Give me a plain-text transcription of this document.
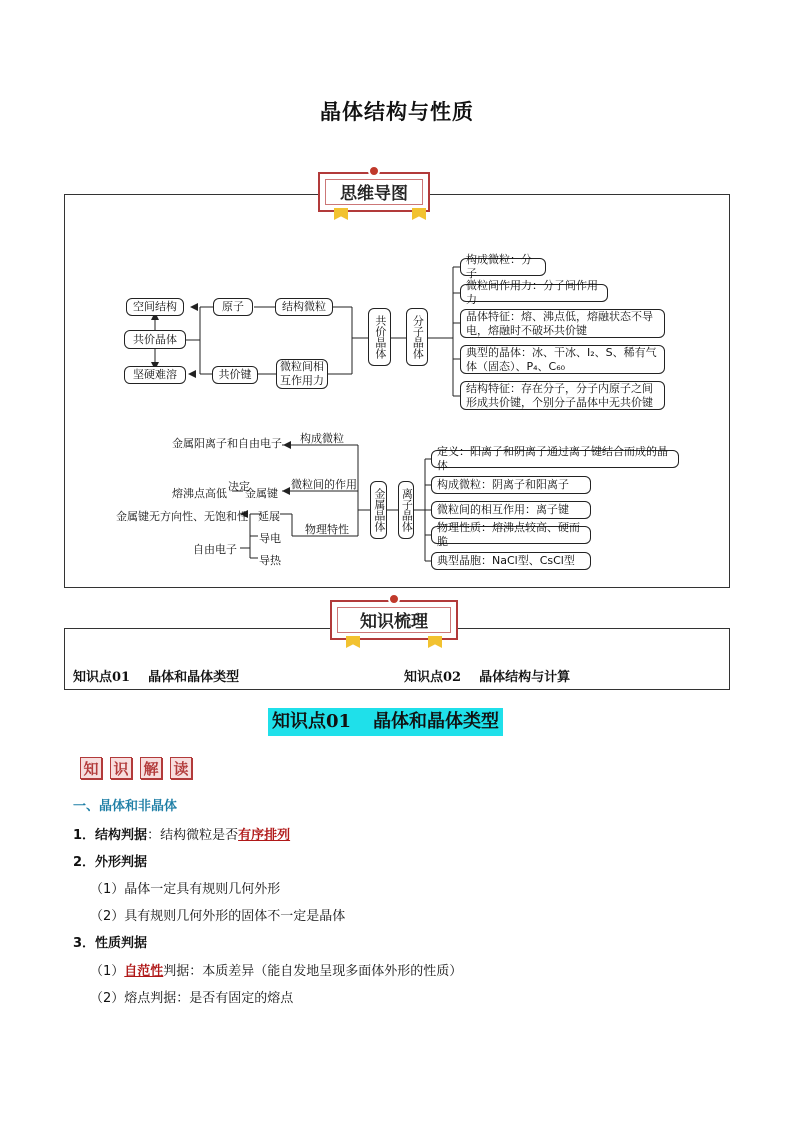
晶体结构与性质
思维导图
空间结构
共价晶体
坚硬难溶
原子
共价键
结构微粒
微粒间相
互作用力
共价晶体 分子晶体
构成微粒：分子
微粒间作用力：分子间作用力
晶体特征：熔、沸点低，熔融状态不导电，熔融时不破坏共价键
典型的晶体：冰、干冰、I₂、S、稀有气体（固态）、P₄、C₆₀
结构特征：存在分子，分子内原子之间形成共价键，个别分子晶体中无共价键
金属阳离子和自由电子
熔沸点高低
决定
金属键
金属键无方向性、无饱和性 延展
自由电子
导电
导热
构成微粒
微粒间的作用
物理特性 金属晶体 离子晶体
定义：阳离子和阴离子通过离子键结合而成的晶体
构成微粒：阴离子和阳离子
微粒间的相互作用：离子键
物理性质：熔沸点较高、硬而脆
典型晶胞：NaCl型、CsCl型
知识梳理
知识点01 晶体和晶体类型	知识点02 晶体结构与计算
知识点01 晶体和晶体类型
知 识 解 读
一、晶体和非晶体
1．结构判据：结构微粒是否有序排列
2．外形判据
（1）晶体一定具有规则几何外形
（2）具有规则几何外形的固体不一定是晶体
3．性质判据
（1）自范性判据：本质差异（能自发地呈现多面体外形的性质）
（2）熔点判据：是否有固定的熔点
